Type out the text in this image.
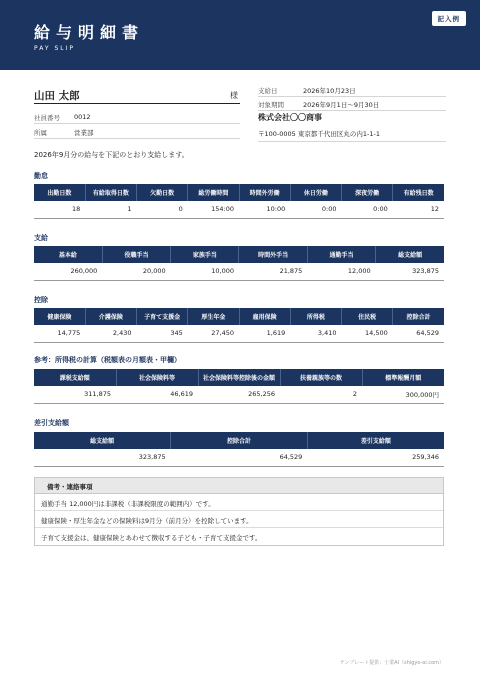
給与明細書
PAY SLIP
記入例
山田 太郎	様
社員番号 0012
所属	営業部
支給日	2026年10月23日
対象期間	2026年9月1日〜9月30日
株式会社〇〇商事
〒100-0005 東京都千代田区丸の内1-1-1
2026年9月分の給与を下記のとおり支給します。
勤怠
出勤日数	有給取得日数	欠勤日数	総労働時間	時間外労働	休日労働	深夜労働	有給残日数
18	1	0	154:00	10:00	0:00	0:00	12
支給
基本給	役職手当	家族手当	時間外手当	通勤手当	総支給額
260,000	20,000	10,000	21,875	12,000	323,875
控除
健康保険	介護保険	子育て支援金	厚生年金	雇用保険	所得税	住民税	控除合計
14,775	2,430	345	27,450	1,619	3,410	14,500	64,529
参考：所得税の計算（税額表の月額表・甲欄）
課税支給額	社会保険料等	社会保険料等控除後の金額	扶養親族等の数	標準報酬月額
311,875	46,619	265,256	2	300,000円
差引支給額
総支給額	控除合計	差引支給額
323,875	64,529	259,346
備考・連絡事項
通勤手当 12,000円は非課税（非課税限度の範囲内）です。
健康保険・厚生年金などの保険料は9月分（前月分）を控除しています。
子育て支援金は、健康保険とあわせて徴収する子ども・子育て支援金です。
テンプレート提供：士業AI（shigyo-ai.com）
